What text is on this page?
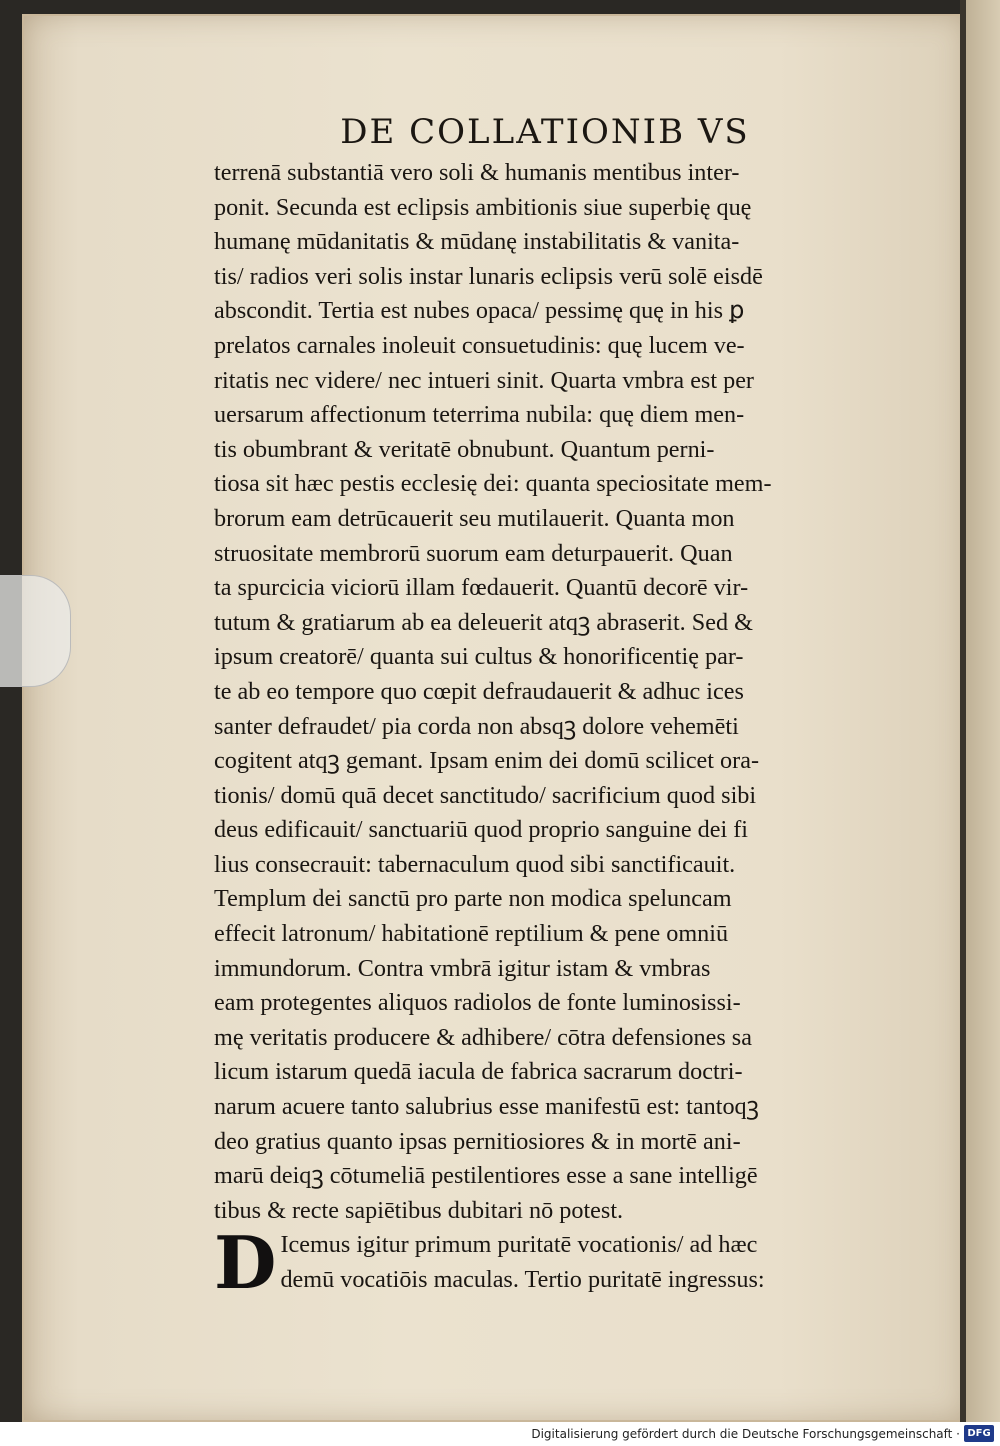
DE COLLATIONIB VS
terrenā substantiā vero soli & humanis mentibus inter-
ponit. Secunda est eclipsis ambitionis siue superbię quę
humanę mūdanitatis & mūdanę instabilitatis & vanita-
tis/ radios veri solis instar lunaris eclipsis verū solē eisdē
abscondit. Tertia est nubes opaca/ pessimę quę in his ꝑ
prelatos carnales inoleuit consuetudinis: quę lucem ve-
ritatis nec videre/ nec intueri sinit. Quarta vmbra est per
uersarum affectionum teterrima nubila: quę diem men-
tis obumbrant & veritatē obnubunt. Quantum perni-
tiosa sit hæc pestis ecclesię dei: quanta speciositate mem-
brorum eam detrūcauerit seu mutilauerit. Quanta mon
struositate membrorū suorum eam deturpauerit. Quan
ta spurcicia viciorū illam fœdauerit. Quantū decorē vir-
tutum & gratiarum ab ea deleuerit atqꝫ abraserit. Sed &
ipsum creatorē/ quanta sui cultus & honorificentię par-
te ab eo tempore quo cœpit defraudauerit & adhuc ices
santer defraudet/ pia corda non absqꝫ dolore vehemēti
cogitent atqꝫ gemant. Ipsam enim dei domū scilicet ora-
tionis/ domū quā decet sanctitudo/ sacrificium quod sibi
deus edificauit/ sanctuariū quod proprio sanguine dei fi
lius consecrauit: tabernaculum quod sibi sanctificauit.
Templum dei sanctū pro parte non modica speluncam
effecit latronum/ habitationē reptilium & pene omniū
immundorum. Contra vmbrā igitur istam & vmbras
eam protegentes aliquos radiolos de fonte luminosissi-
mę veritatis producere & adhibere/ cōtra defensiones sa
licum istarum quedā iacula de fabrica sacrarum doctri-
narum acuere tanto salubrius esse manifestū est: tantoqꝫ
deo gratius quanto ipsas pernitiosiores & in mortē ani-
marū deiqꝫ cōtumeliā pestilentiores esse a sane intelligē
tibus & recte sapiētibus dubitari nō potest.
D Icemus igitur primum puritatē vocationis/ ad hæc
demū vocatiōis maculas. Tertio puritatē ingressus:
Digitalisierung gefördert durch die Deutsche Forschungsgemeinschaft · DFG
